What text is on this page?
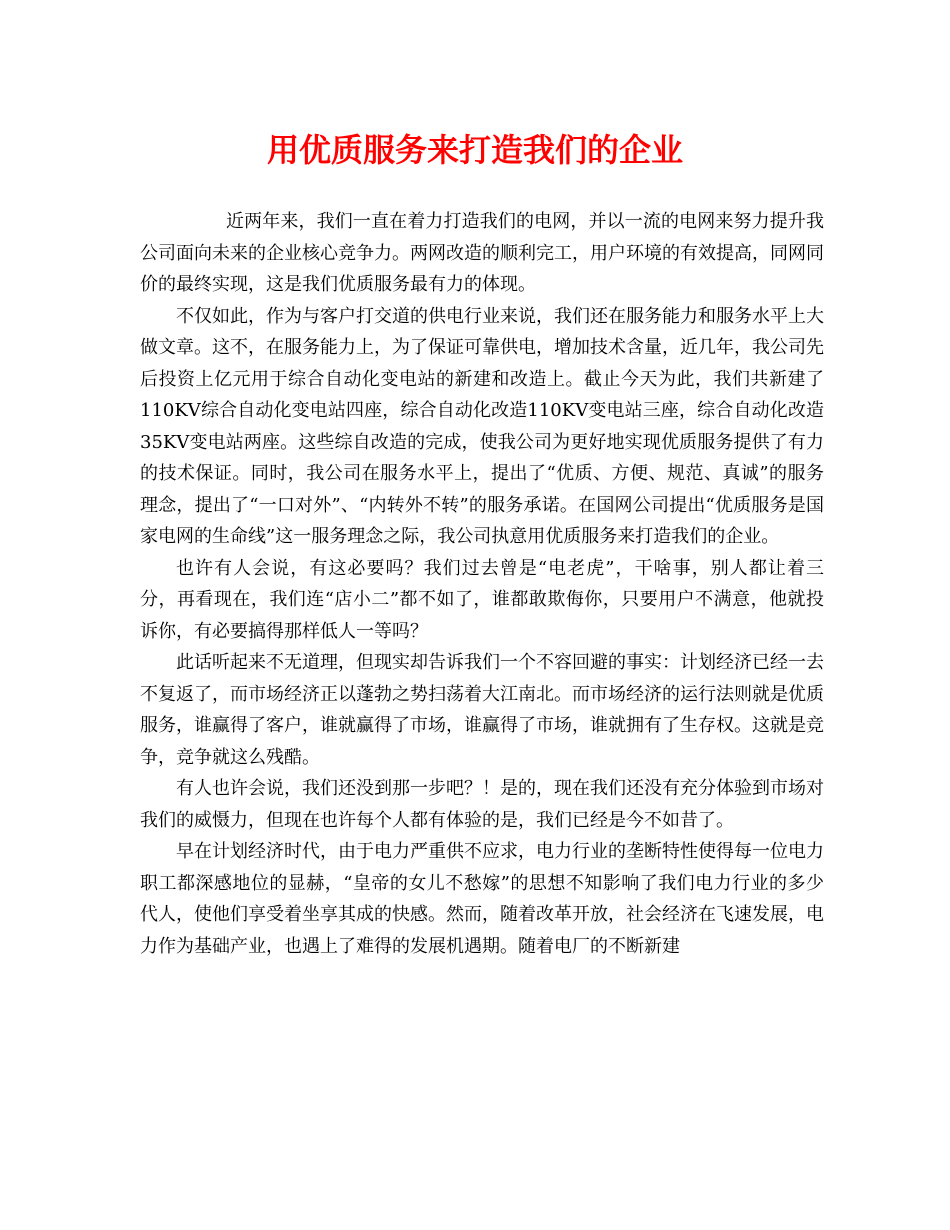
用优质服务来打造我们的企业

近两年来，我们一直在着力打造我们的电网，并以一流的电网来努力提升我公司面向未来的企业核心竞争力。两网改造的顺利完工，用户环境的有效提高，同网同价的最终实现，这是我们优质服务最有力的体现。

不仅如此，作为与客户打交道的供电行业来说，我们还在服务能力和服务水平上大做文章。这不，在服务能力上，为了保证可靠供电，增加技术含量，近几年，我公司先后投资上亿元用于综合自动化变电站的新建和改造上。截止今天为此，我们共新建了110KV综合自动化变电站四座，综合自动化改造110KV变电站三座，综合自动化改造35KV变电站两座。这些综自改造的完成，使我公司为更好地实现优质服务提供了有力的技术保证。同时，我公司在服务水平上，提出了“优质、方便、规范、真诚”的服务理念，提出了“一口对外”、“内转外不转”的服务承诺。在国网公司提出“优质服务是国家电网的生命线”这一服务理念之际，我公司执意用优质服务来打造我们的企业。

也许有人会说，有这必要吗？我们过去曾是“电老虎”，干啥事，别人都让着三分，再看现在，我们连“店小二”都不如了，谁都敢欺侮你，只要用户不满意，他就投诉你，有必要搞得那样低人一等吗？

此话听起来不无道理，但现实却告诉我们一个不容回避的事实：计划经济已经一去不复返了，而市场经济正以蓬勃之势扫荡着大江南北。而市场经济的运行法则就是优质服务，谁赢得了客户，谁就赢得了市场，谁赢得了市场，谁就拥有了生存权。这就是竞争，竞争就这么残酷。

有人也许会说，我们还没到那一步吧？！是的，现在我们还没有充分体验到市场对我们的威慑力，但现在也许每个人都有体验的是，我们已经是今不如昔了。

早在计划经济时代，由于电力严重供不应求，电力行业的垄断特性使得每一位电力职工都深感地位的显赫，“皇帝的女儿不愁嫁”的思想不知影响了我们电力行业的多少代人，使他们享受着坐享其成的快感。然而，随着改革开放，社会经济在飞速发展，电力作为基础产业，也遇上了难得的发展机遇期。随着电厂的不断新建
